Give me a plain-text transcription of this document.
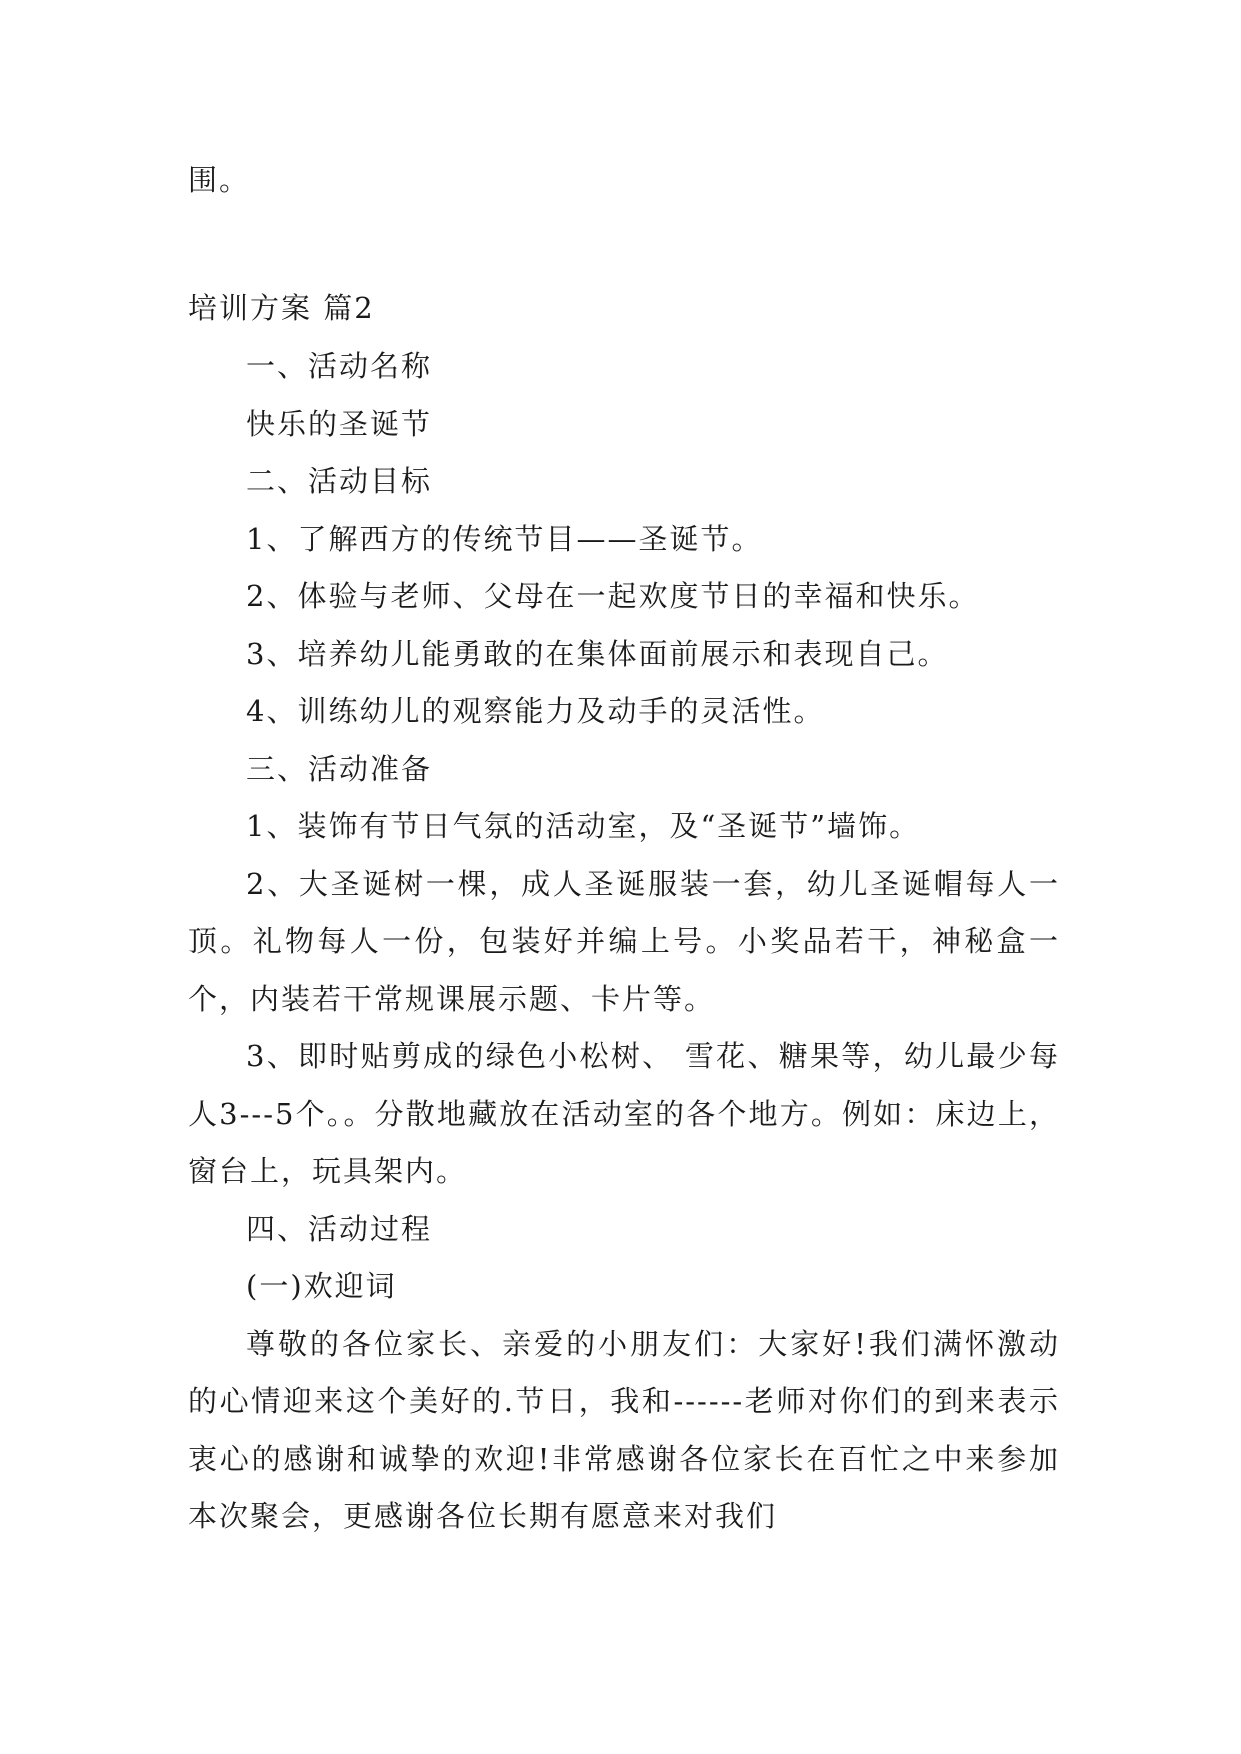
围。

培训方案 篇2

一、活动名称

快乐的圣诞节

二、活动目标

1、了解西方的传统节目——圣诞节。

2、体验与老师、父母在一起欢度节日的幸福和快乐。

3、培养幼儿能勇敢的在集体面前展示和表现自己。

4、训练幼儿的观察能力及动手的灵活性。

三、活动准备

1、装饰有节日气氛的活动室，及“圣诞节”墙饰。

2、大圣诞树一棵，成人圣诞服装一套，幼儿圣诞帽每人一顶。礼物每人一份，包装好并编上号。小奖品若干，神秘盒一个，内装若干常规课展示题、卡片等。

3、即时贴剪成的绿色小松树、 雪花、糖果等，幼儿最少每人3---5个。。分散地藏放在活动室的各个地方。例如：床边上，窗台上，玩具架内。

四、活动过程

(一)欢迎词

尊敬的各位家长、亲爱的小朋友们：大家好!我们满怀激动的心情迎来这个美好的.节日，我和------老师对你们的到来表示衷心的感谢和诚挚的欢迎!非常感谢各位家长在百忙之中来参加本次聚会，更感谢各位长期有愿意来对我们
